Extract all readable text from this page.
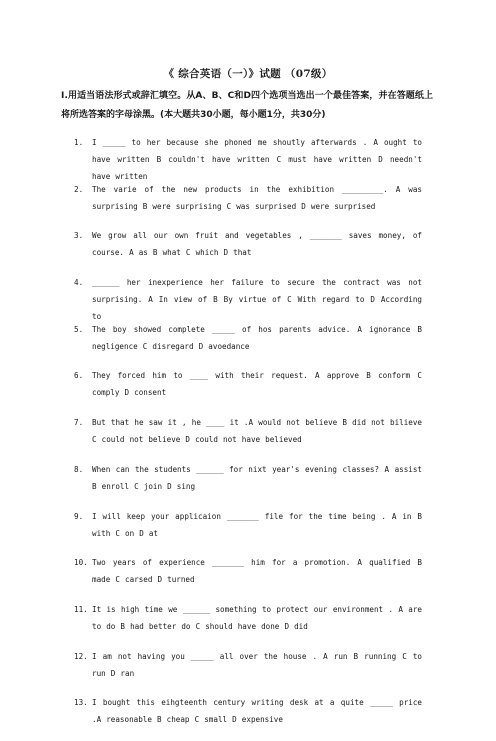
《 综合英语（一）》试题 （07级）
Ⅰ.用适当语法形式或辞汇填空。从A、B、C和D四个选项当选出一个最佳答案，并在答题纸上将所选答案的字母涂黑。(本大题共30小题，每小题1分，共30分)
1. I _____ to her because she phoned me shoutly afterwards . A ought to have written B couldn't have written C must have written D needn't have written
2. The varie of the new products in the exhibition _________. A was surprising B were surprising C was surprised D were surprised
3. We grow all our own fruit and vegetables , _______ saves money, of course. A as B what C which D that
4. ______ her inexperience her failure to secure the contract was not surprising. A In view of B By virtue of C With regard to D According to
5. The boy showed complete _____ of hos parents advice. A ignorance B negligence C disregard D avoedance
6. They forced him to ____ with their request. A approve B conform C comply D consent
7. But that he saw it , he ____ it .A would not believe B did not bilieve C could not believe D could not have believed
8. When can the students ______ for nixt year's evening classes? A assist B enroll C join D sing
9. I will keep your applicaion _______ file for the time being . A in B with C on D at
10. Two years of experience _______ him for a promotion. A qualified B made C carsed D turned
11. It is high time we ______ something to protect our environment . A are to do B had better do C should have done D did
12. I am not having you _____ all over the house . A run B running C to run D ran
13. I bought this eihgteenth century writing desk at a quite _____ price .A reasonable B cheap C small D expensive
